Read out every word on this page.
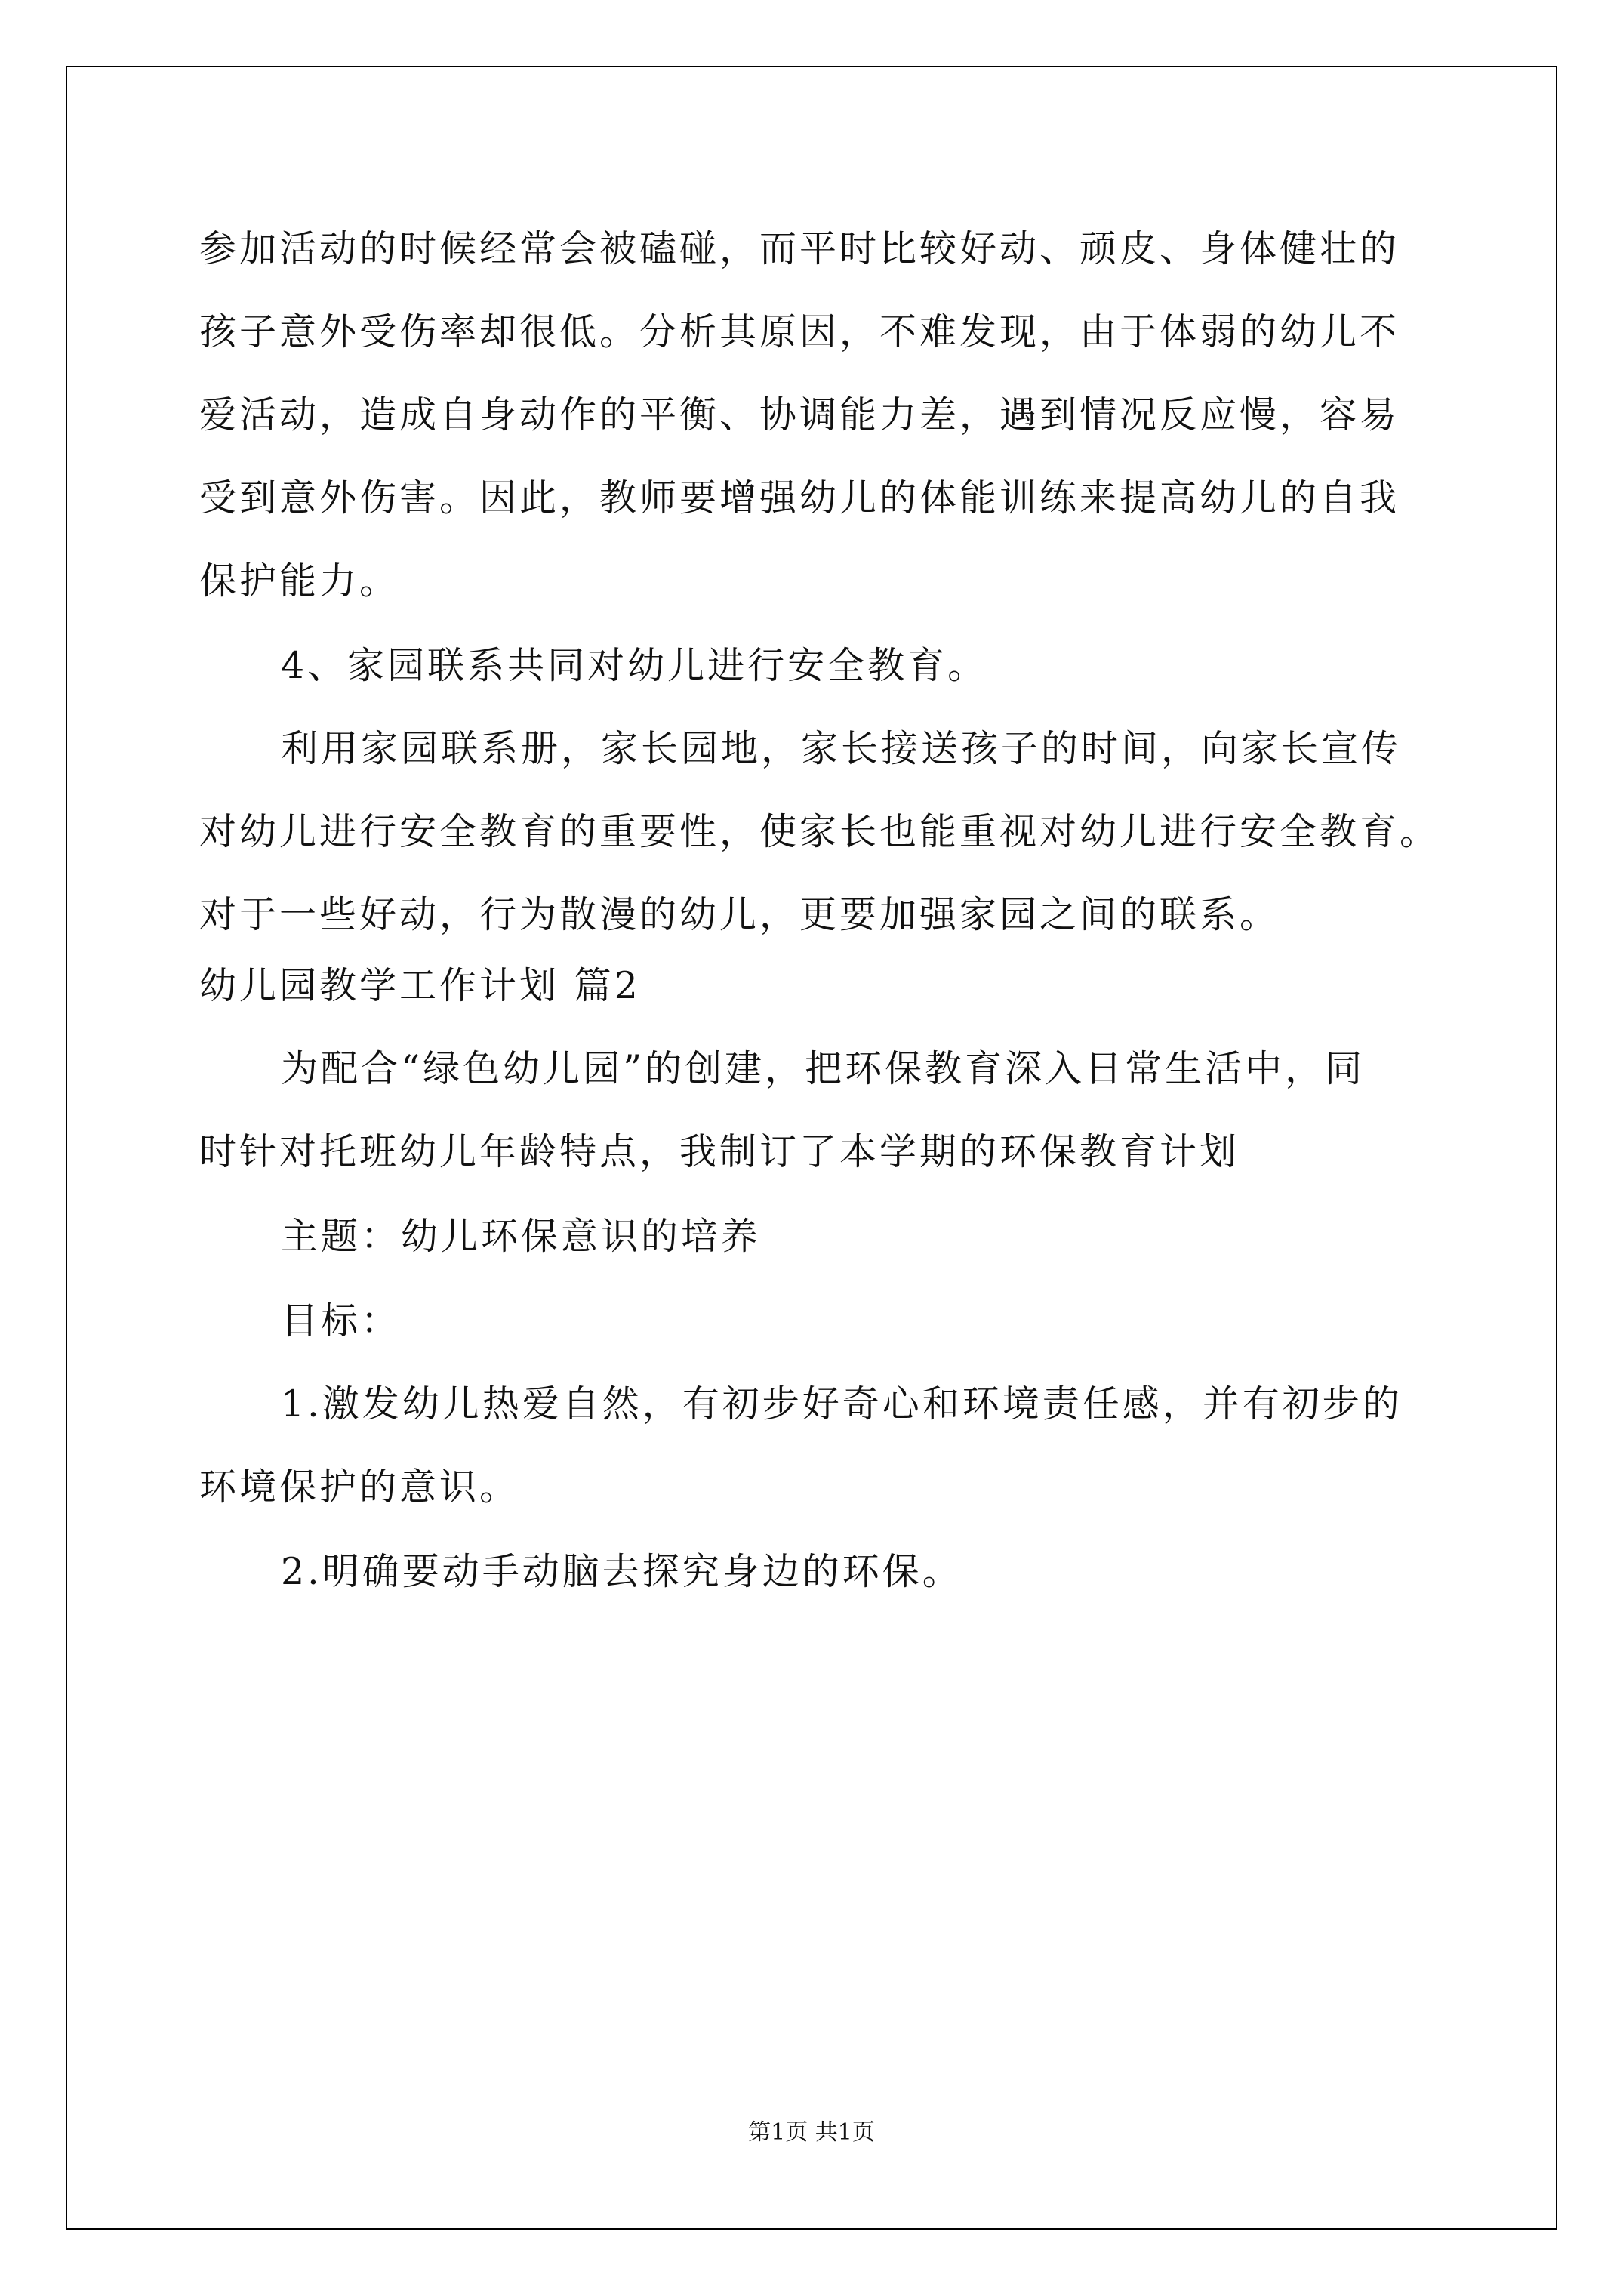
参加活动的时候经常会被磕碰，而平时比较好动、顽皮、身体健壮的
孩子意外受伤率却很低。分析其原因，不难发现，由于体弱的幼儿不
爱活动，造成自身动作的平衡、协调能力差，遇到情况反应慢，容易
受到意外伤害。因此，教师要增强幼儿的体能训练来提高幼儿的自我
保护能力。
4、家园联系共同对幼儿进行安全教育。
利用家园联系册，家长园地，家长接送孩子的时间，向家长宣传
对幼儿进行安全教育的重要性，使家长也能重视对幼儿进行安全教育。
对于一些好动，行为散漫的幼儿，更要加强家园之间的联系。
幼儿园教学工作计划 篇2
为配合“绿色幼儿园”的创建，把环保教育深入日常生活中，同
时针对托班幼儿年龄特点，我制订了本学期的环保教育计划
主题：幼儿环保意识的培养
目标：
1.激发幼儿热爱自然，有初步好奇心和环境责任感，并有初步的
环境保护的意识。
2.明确要动手动脑去探究身边的环保。
第1页 共1页
